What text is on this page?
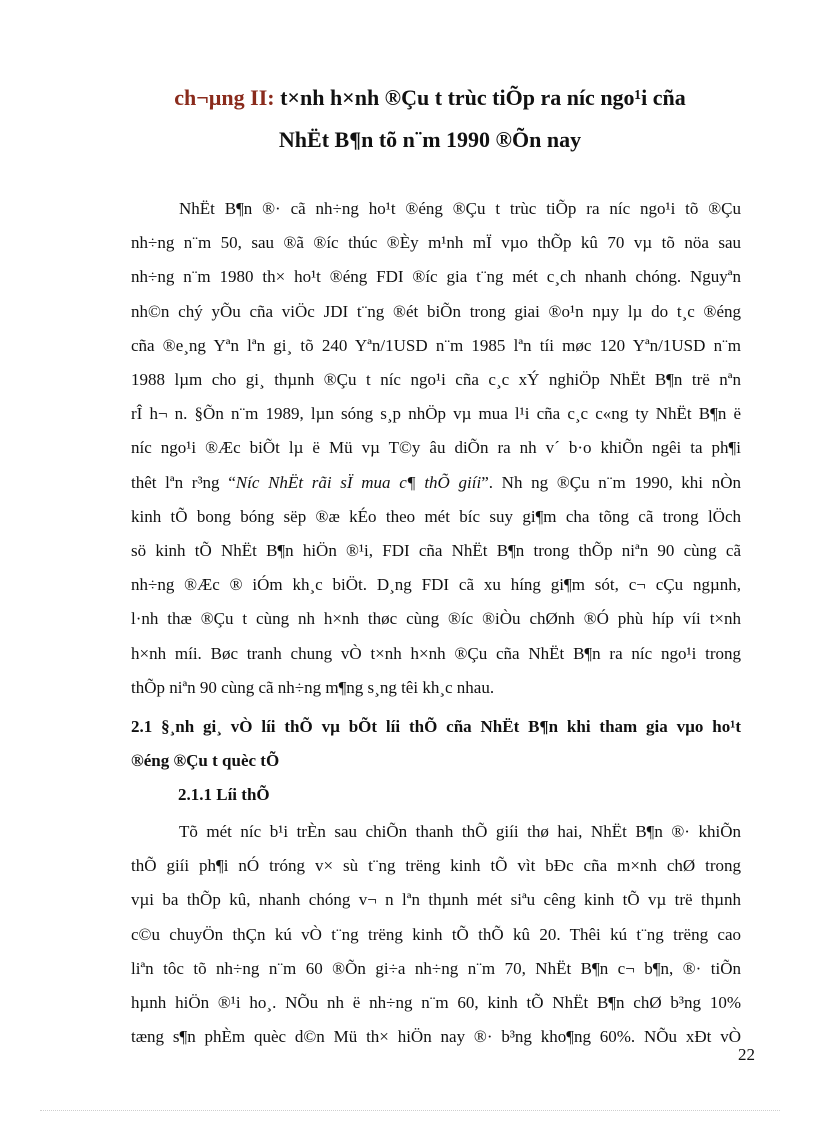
ch¬µng II: t×nh h×nh ®Çu t trùc tiÕp ra níc ngo¹i cña
NhËt B¶n tõ n¨m 1990 ®Õn nay
NhËt B¶n ®· cã nh÷ng ho¹t ®éng ®Çu t trùc tiÕp ra níc ngo¹i tõ ®Çu
nh÷ng n¨m 50, sau ®ã ®íc thúc ®Èy m¹nh mÏ vµo thÕp kû 70 vµ tõ nöa sau
nh÷ng n¨m 1980 th× ho¹t ®éng FDI ®íc gia t¨ng mét c¸ch nhanh chóng. Nguyªn
nh©n chý yÕu cña viÖc JDI t¨ng ®ét biÕn trong giai ®o¹n nµy lµ do t¸c ®éng
cña ®e¸ng Yªn lªn gi¸ tõ 240 Yªn/1USD n¨m 1985 lªn tíi møc 120 Yªn/1USD n¨m
1988 lµm cho gi¸ thµnh ®Çu t níc ngo¹i cña c¸c xÝ nghiÖp NhËt B¶n trë nªn
rÎ h¬ n. §Õn n¨m 1989, lµn sóng s¸p nhÖp vµ mua l¹i cña c¸c c«ng ty NhËt B¶n ë
níc ngo¹i ®Æc biÕt lµ ë Mü vµ T©y âu diÕn ra nh v´ b·o khiÕn ngêi ta ph¶i
thêt lªn r³ng “Níc NhËt rãi sÏ mua c¶ thÕ giíi”. Nh ng ®Çu n¨m 1990, khi nÒn
kinh tÕ bong bóng sëp ®æ kÉo theo mét bíc suy gi¶m cha tõng cã trong lÖch
sö kinh tÕ NhËt B¶n hiÖn ®¹i, FDI cña NhËt B¶n trong thÕp niªn 90 cùng cã
nh÷ng ®Æc ® iÓm kh¸c biÖt. D¸ng FDI cã xu híng gi¶m sót, c¬ cÇu ngµnh,
l·nh thæ ®Çu t cùng nh h×nh thøc cùng ®íc ®iÒu chØnh ®Ó phù híp víi t×nh
h×nh míi. Bøc tranh chung vÒ t×nh h×nh ®Çu cña NhËt B¶n ra níc ngo¹i trong
thÕp niªn 90 cùng cã nh÷ng m¶ng s¸ng têi kh¸c nhau.
2.1 §¸nh gi¸ vÒ líi thÕ vµ bÕt líi thÕ cña NhËt B¶n khi tham gia vµo ho¹t
®éng ®Çu t quèc tÕ
2.1.1 Líi thÕ
Tõ mét níc b¹i trÈn sau chiÕn thanh thÕ giíi thø hai, NhËt B¶n ®· khiÕn
thÕ giíi ph¶i nÓ tróng v× sù t¨ng trëng kinh tÕ vìt bÐc cña m×nh chØ trong
vµi ba thÕp kû, nhanh chóng v¬ n lªn thµnh mét siªu cêng kinh tÕ vµ trë thµnh
c©u chuyÖn thÇn kú vÒ t¨ng trëng kinh tÕ thÕ kû 20. Thêi kú t¨ng trëng cao
liªn tôc tõ nh÷ng n¨m 60 ®Õn gi÷a nh÷ng n¨m 70, NhËt B¶n c¬ b¶n, ®· tiÕn
hµnh hiÖn ®¹i ho¸. NÕu nh ë nh÷ng n¨m 60, kinh tÕ NhËt B¶n chØ b³ng 10%
tæng s¶n phÈm quèc d©n Mü th× hiÖn nay ®· b³ng kho¶ng 60%. NÕu xÐt vÒ
22
